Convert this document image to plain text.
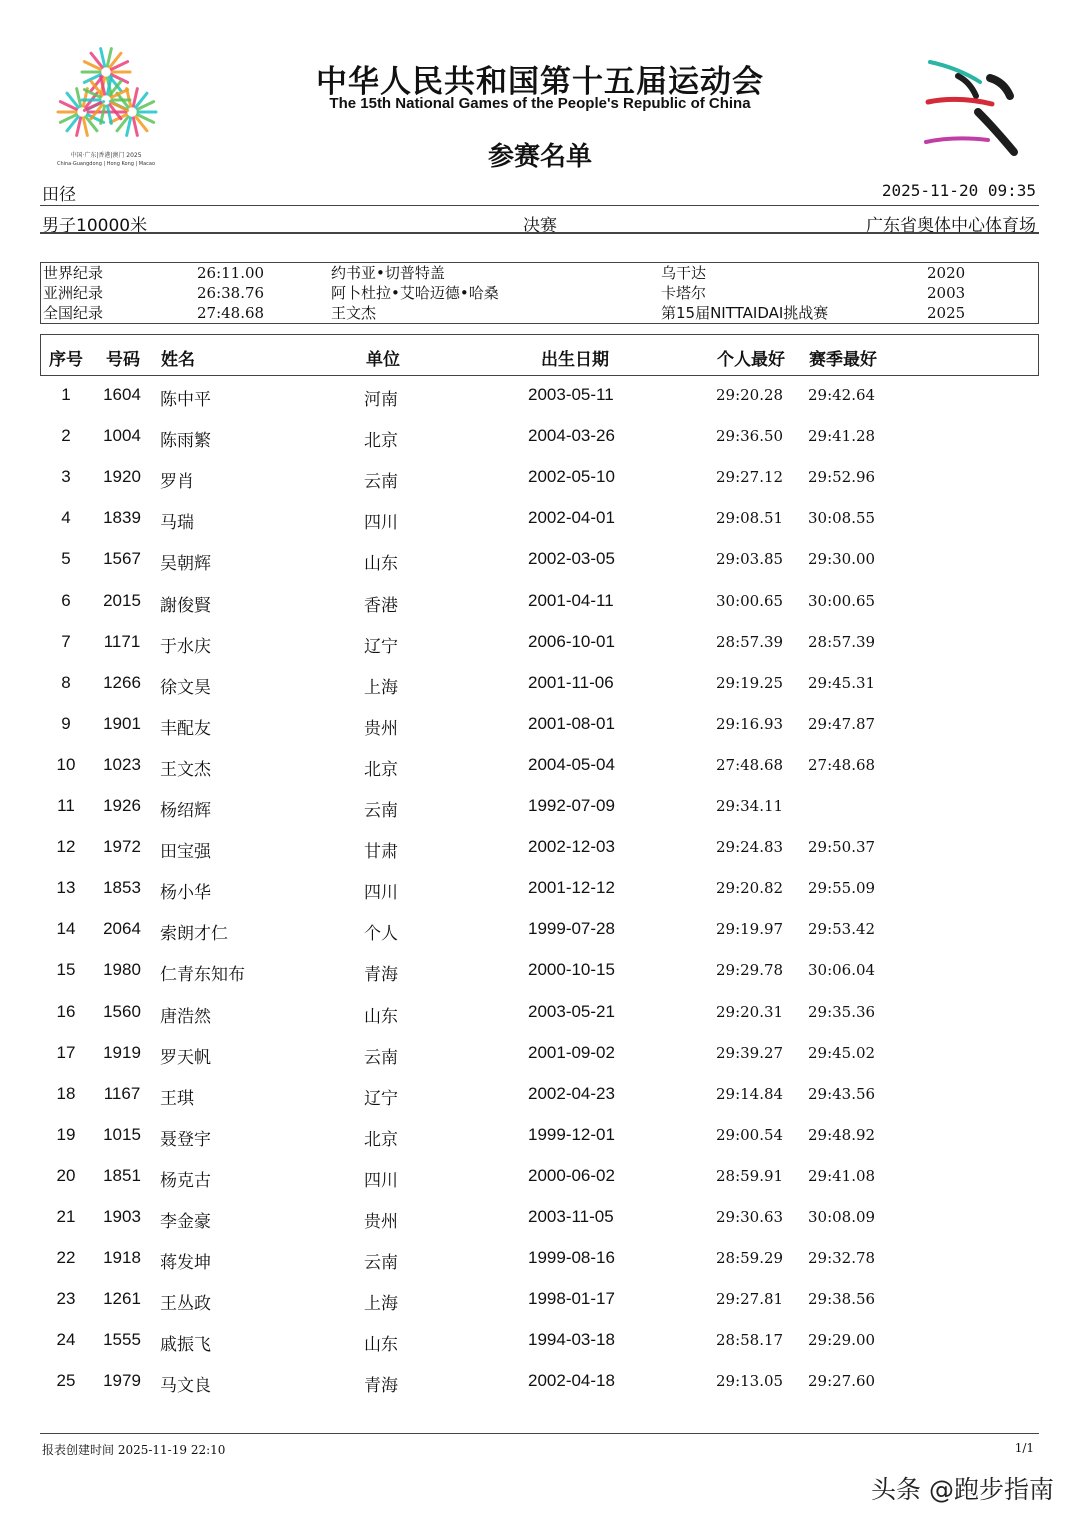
中国·广东|香港|澳门 2025
China·Guangdong | Hong Kong | Macao
中华人民共和国第十五届运动会
The 15th National Games of the People's Republic of China
参赛名单
田径	2025-11-20 09:35
男子10000米	决赛	广东省奥体中心体育场
世界纪录	26:11.00	约书亚•切普特盖	乌干达	2020
亚洲纪录	26:38.76	阿卜杜拉•艾哈迈德•哈桑	卡塔尔	2003
全国纪录	27:48.68	王文杰	第15届NITTAIDAI挑战赛	2025
序号 号码 姓名	单位	出生日期	个人最好 赛季最好
1	1604	陈中平	河南	2003-05-11	29:20.28 29:42.64
2	1004	陈雨繁	北京	2004-03-26	29:36.50 29:41.28
3	1920	罗肖	云南	2002-05-10	29:27.12 29:52.96
4	1839	马瑞	四川	2002-04-01	29:08.51 30:08.55
5	1567	吴朝辉	山东	2002-03-05	29:03.85 29:30.00
6	2015	謝俊賢	香港	2001-04-11	30:00.65 30:00.65
7	1171	于水庆	辽宁	2006-10-01	28:57.39 28:57.39
8	1266	徐文昊	上海	2001-11-06	29:19.25 29:45.31
9	1901	丰配友	贵州	2001-08-01	29:16.93 29:47.87
10	1023	王文杰	北京	2004-05-04	27:48.68 27:48.68
11	1926	杨绍辉	云南	1992-07-09	29:34.11
12	1972	田宝强	甘肃	2002-12-03	29:24.83 29:50.37
13	1853	杨小华	四川	2001-12-12	29:20.82 29:55.09
14	2064	索朗才仁	个人	1999-07-28	29:19.97 29:53.42
15	1980	仁青东知布	青海	2000-10-15	29:29.78 30:06.04
16	1560	唐浩然	山东	2003-05-21	29:20.31 29:35.36
17	1919	罗天帆	云南	2001-09-02	29:39.27 29:45.02
18	1167	王琪	辽宁	2002-04-23	29:14.84 29:43.56
19	1015	聂登宇	北京	1999-12-01	29:00.54 29:48.92
20	1851	杨克古	四川	2000-06-02	28:59.91 29:41.08
21	1903	李金豪	贵州	2003-11-05	29:30.63 30:08.09
22	1918	蒋发坤	云南	1999-08-16	28:59.29 29:32.78
23	1261	王丛政	上海	1998-01-17	29:27.81 29:38.56
24	1555	戚振飞	山东	1994-03-18	28:58.17 29:29.00
25	1979	马文良	青海	2002-04-18	29:13.05 29:27.60
报表创建时间 2025-11-19 22:10	1/1
头条 @跑步指南
